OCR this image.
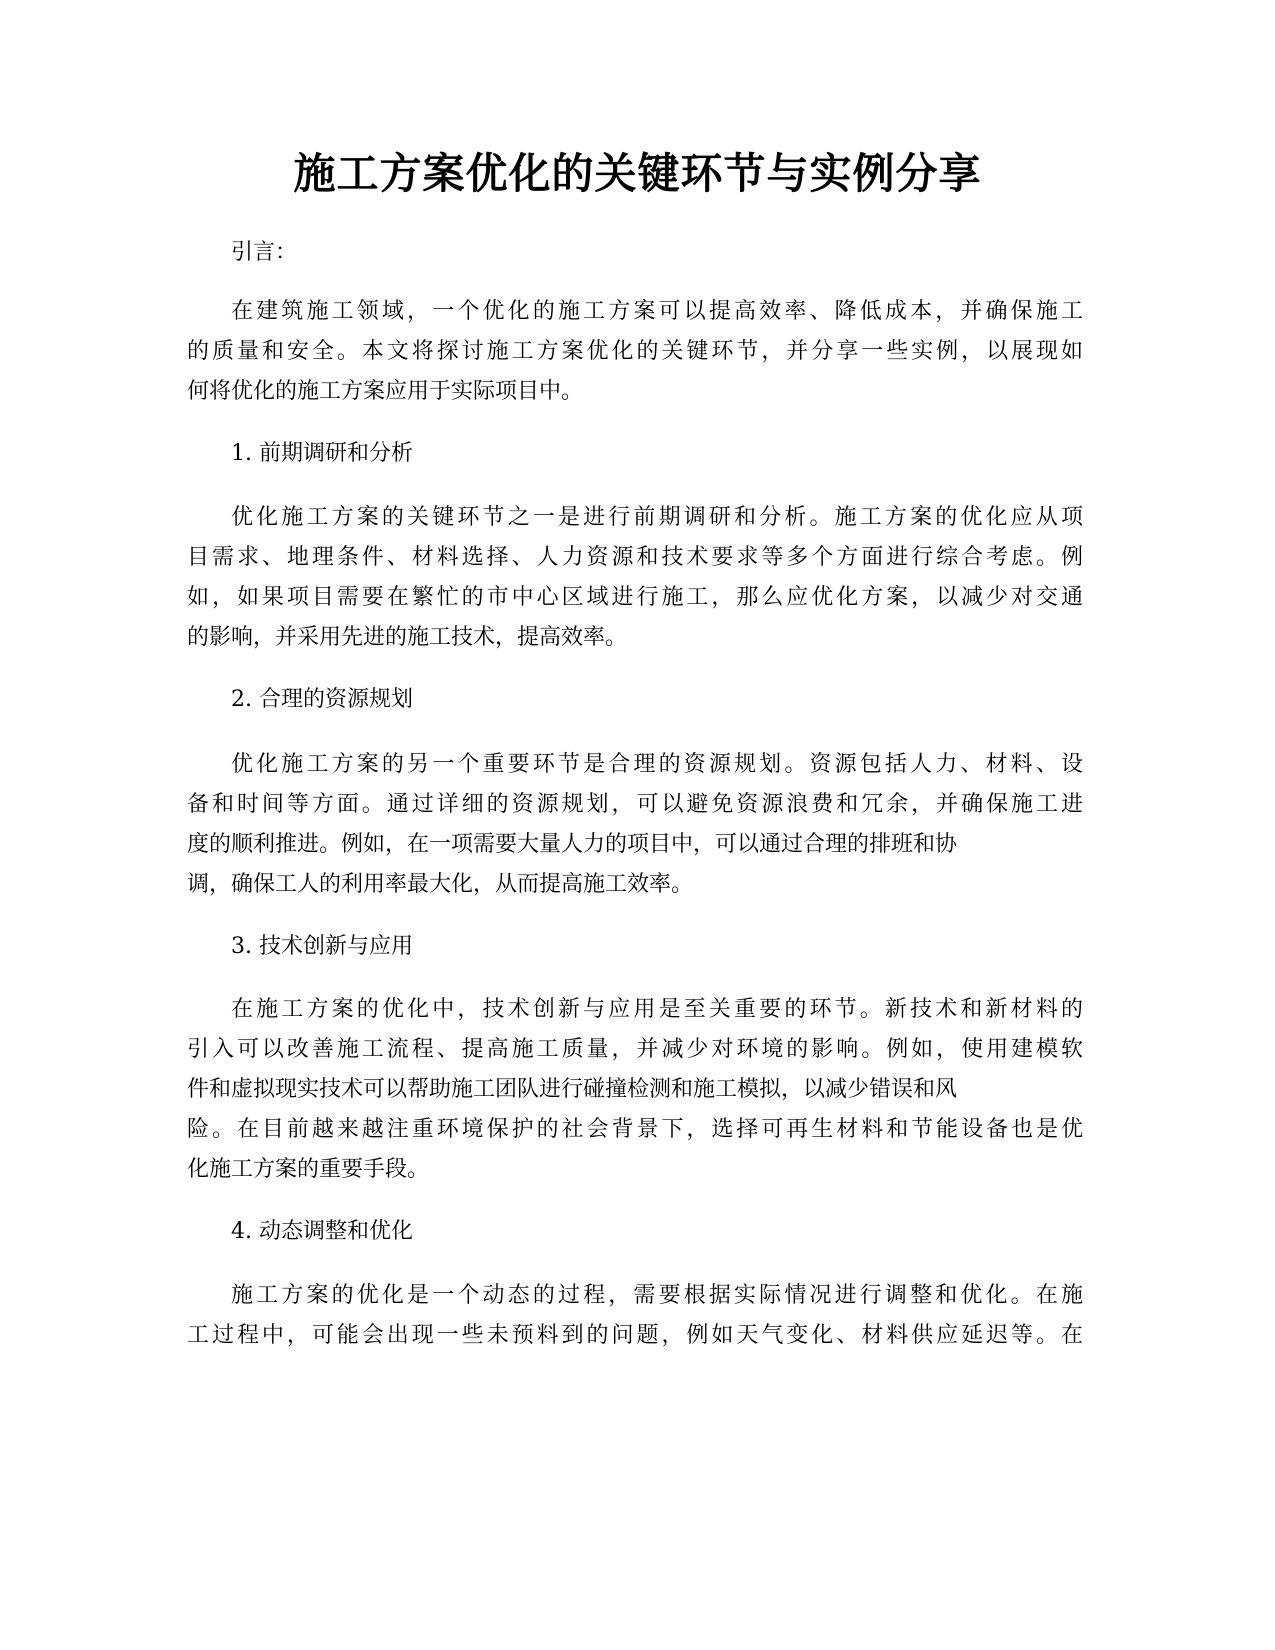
施工方案优化的关键环节与实例分享
引言：
在建筑施工领域，一个优化的施工方案可以提高效率、降低成本，并确保施工
的质量和安全。本文将探讨施工方案优化的关键环节，并分享一些实例，以展现如
何将优化的施工方案应用于实际项目中。
1. 前期调研和分析
优化施工方案的关键环节之一是进行前期调研和分析。施工方案的优化应从项
目需求、地理条件、材料选择、人力资源和技术要求等多个方面进行综合考虑。例
如，如果项目需要在繁忙的市中心区域进行施工，那么应优化方案，以减少对交通
的影响，并采用先进的施工技术，提高效率。
2. 合理的资源规划
优化施工方案的另一个重要环节是合理的资源规划。资源包括人力、材料、设
备和时间等方面。通过详细的资源规划，可以避免资源浪费和冗余，并确保施工进
度的顺利推进。例如，在一项需要大量人力的项目中，可以通过合理的排班和协
调，确保工人的利用率最大化，从而提高施工效率。
3. 技术创新与应用
在施工方案的优化中，技术创新与应用是至关重要的环节。新技术和新材料的
引入可以改善施工流程、提高施工质量，并减少对环境的影响。例如，使用建模软
件和虚拟现实技术可以帮助施工团队进行碰撞检测和施工模拟，以减少错误和风
险。在目前越来越注重环境保护的社会背景下，选择可再生材料和节能设备也是优
化施工方案的重要手段。
4. 动态调整和优化
施工方案的优化是一个动态的过程，需要根据实际情况进行调整和优化。在施
工过程中，可能会出现一些未预料到的问题，例如天气变化、材料供应延迟等。在
